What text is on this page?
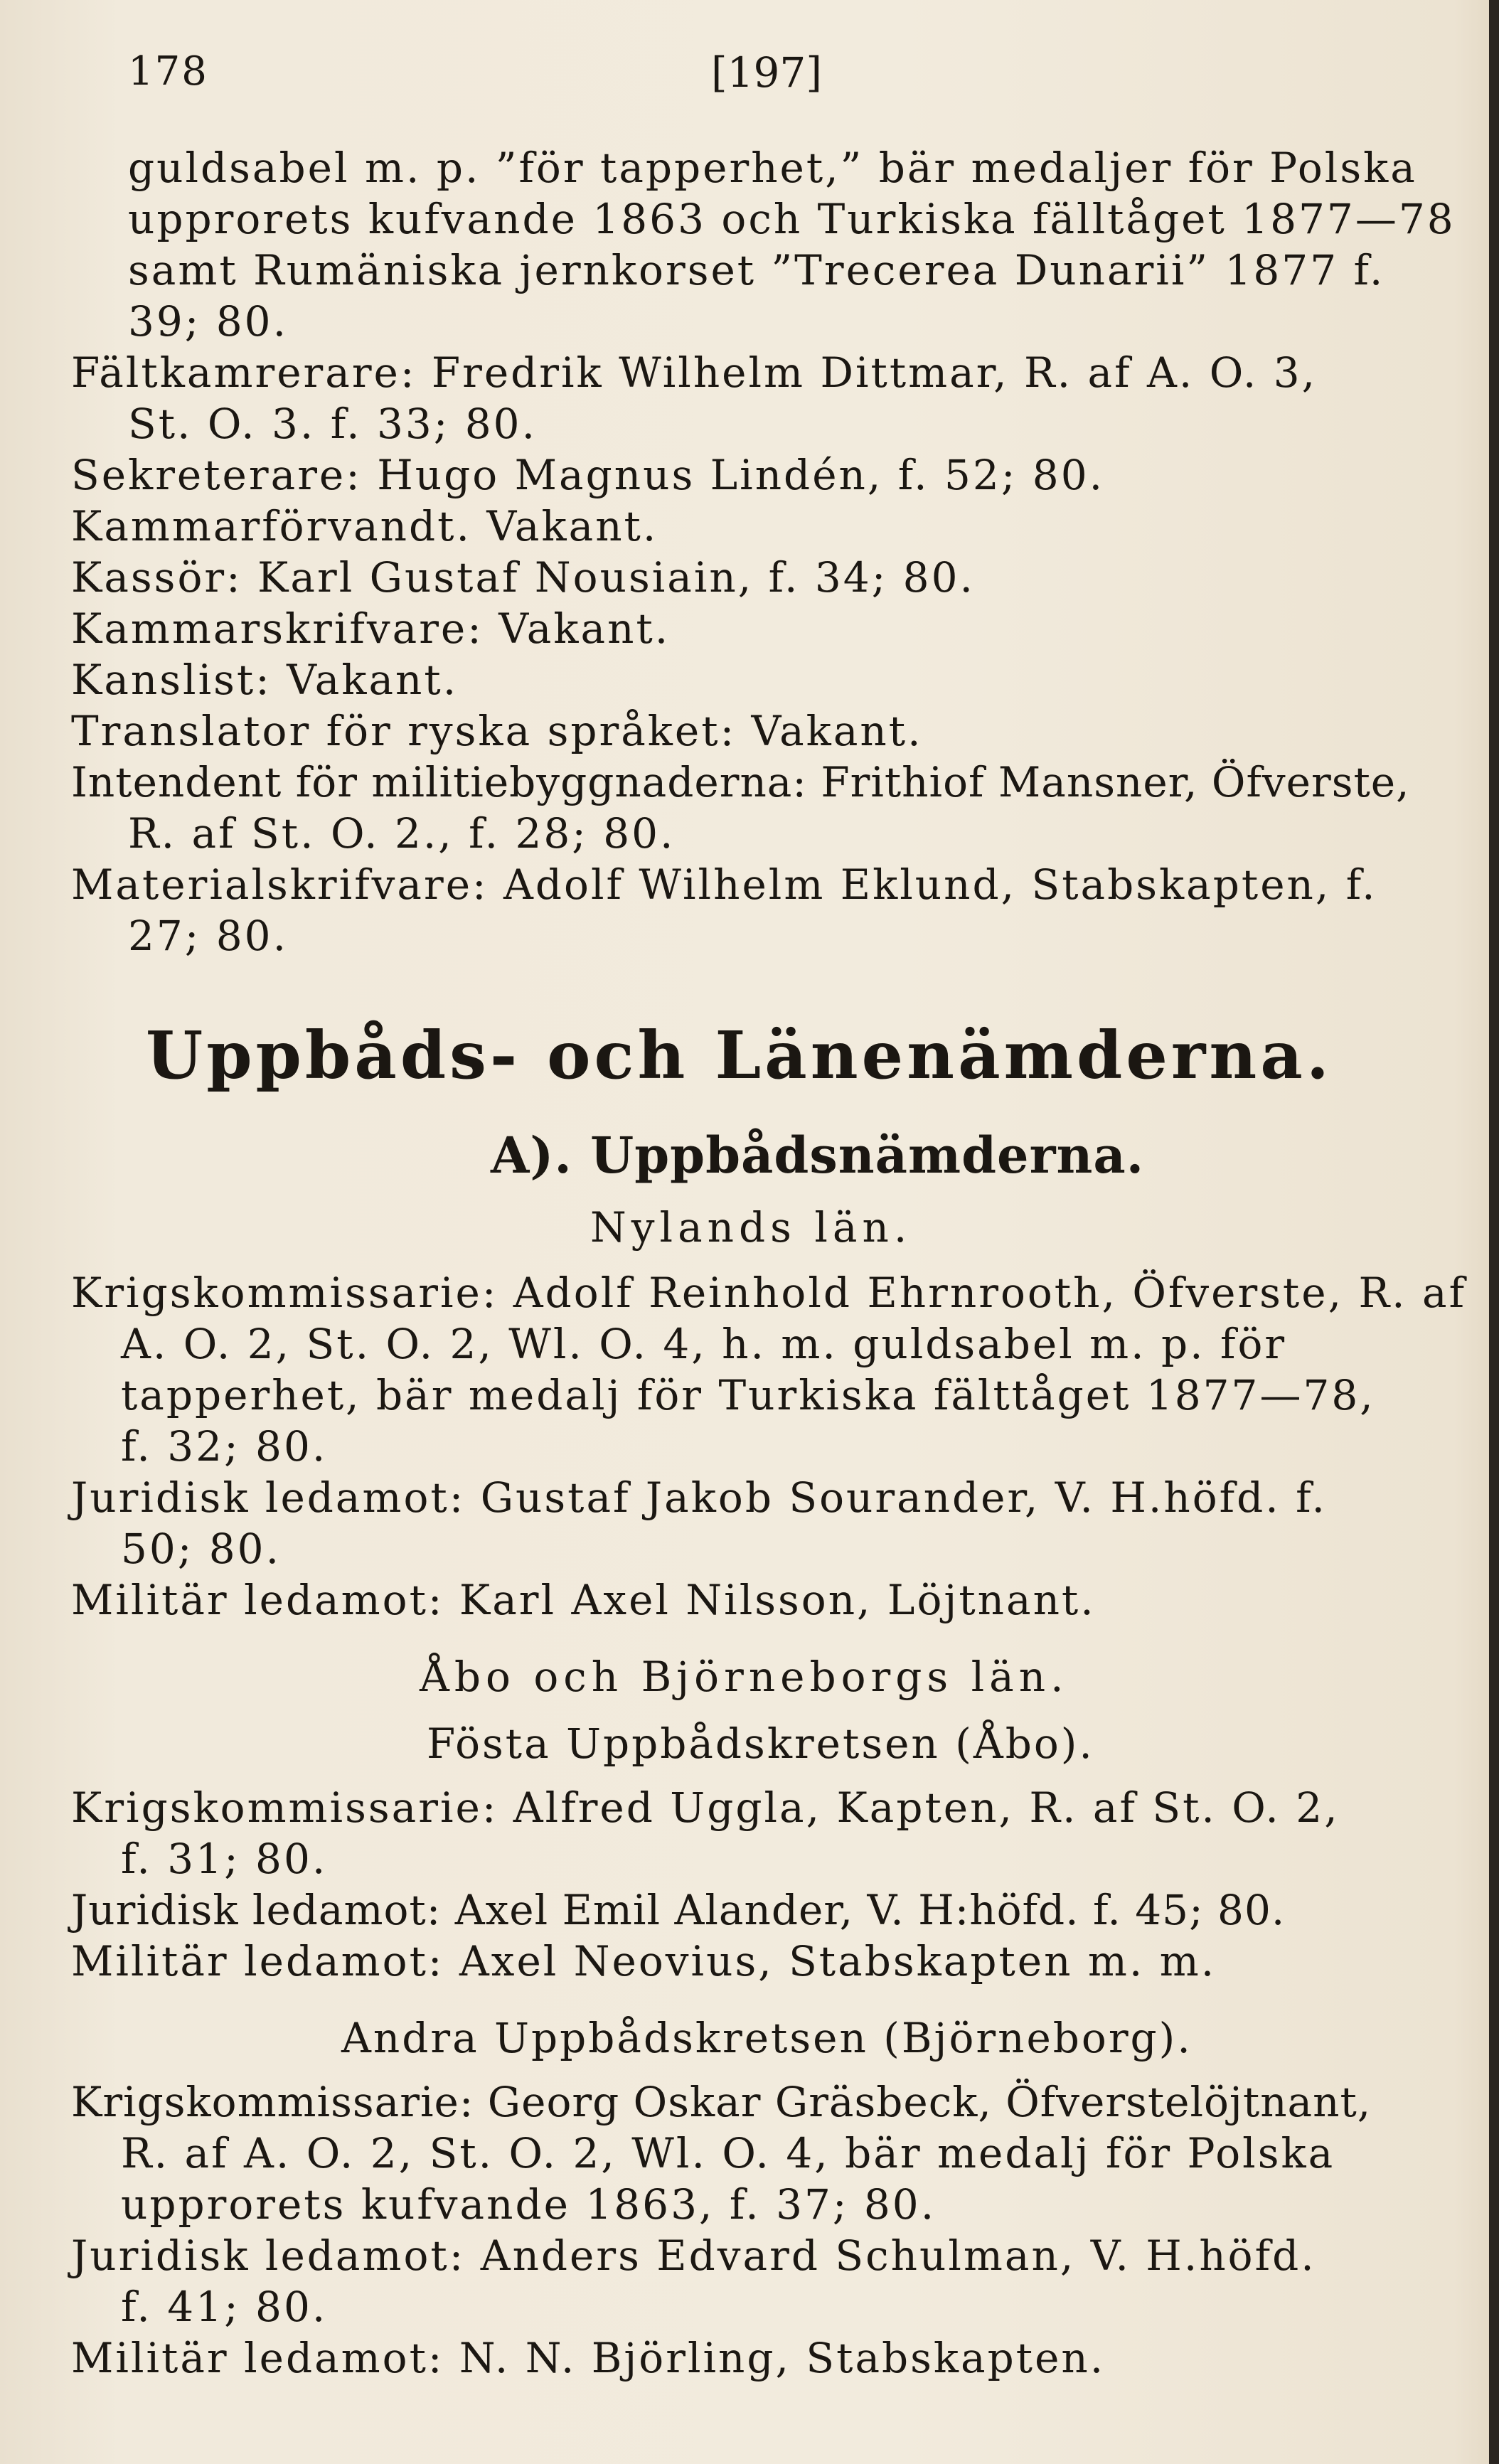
178	[197]
guldsabel m. p. ”för tapperhet,” bär medaljer för Polska
upprorets kufvande 1863 och Turkiska fälltåget 1877—78
samt Rumäniska jernkorset ”Trecerea Dunarii” 1877 f.
39; 80.
Fältkamrerare: Fredrik Wilhelm Dittmar, R. af A. O. 3,
St. O. 3. f. 33; 80.
Sekreterare: Hugo Magnus Lindén, f. 52; 80.
Kammarförvandt. Vakant.
Kassör: Karl Gustaf Nousiain, f. 34; 80.
Kammarskrifvare: Vakant.
Kanslist: Vakant.
Translator för ryska språket: Vakant.
Intendent för militiebyggnaderna: Frithiof Mansner, Öfverste,
R. af St. O. 2., f. 28; 80.
Materialskrifvare: Adolf Wilhelm Eklund, Stabskapten, f.
27; 80.
Uppbåds- och Länenämderna.
A). Uppbådsnämderna.
Nylands län.
Krigskommissarie: Adolf Reinhold Ehrnrooth, Öfverste, R. af
A. O. 2, St. O. 2, Wl. O. 4, h. m. guldsabel m. p. för
tapperhet, bär medalj för Turkiska fälttåget 1877—78,
f. 32; 80.
Juridisk ledamot: Gustaf Jakob Sourander, V. H.höfd. f.
50; 80.
Militär ledamot: Karl Axel Nilsson, Löjtnant.
Åbo och Björneborgs län.
Fösta Uppbådskretsen (Åbo).
Krigskommissarie: Alfred Uggla, Kapten, R. af St. O. 2,
f. 31; 80.
Juridisk ledamot: Axel Emil Alander, V. H:höfd. f. 45; 80.
Militär ledamot: Axel Neovius, Stabskapten m. m.
Andra Uppbådskretsen (Björneborg).
Krigskommissarie: Georg Oskar Gräsbeck, Öfverstelöjtnant,
R. af A. O. 2, St. O. 2, Wl. O. 4, bär medalj för Polska
upprorets kufvande 1863, f. 37; 80.
Juridisk ledamot: Anders Edvard Schulman, V. H.höfd.
f. 41; 80.
Militär ledamot: N. N. Björling, Stabskapten.
